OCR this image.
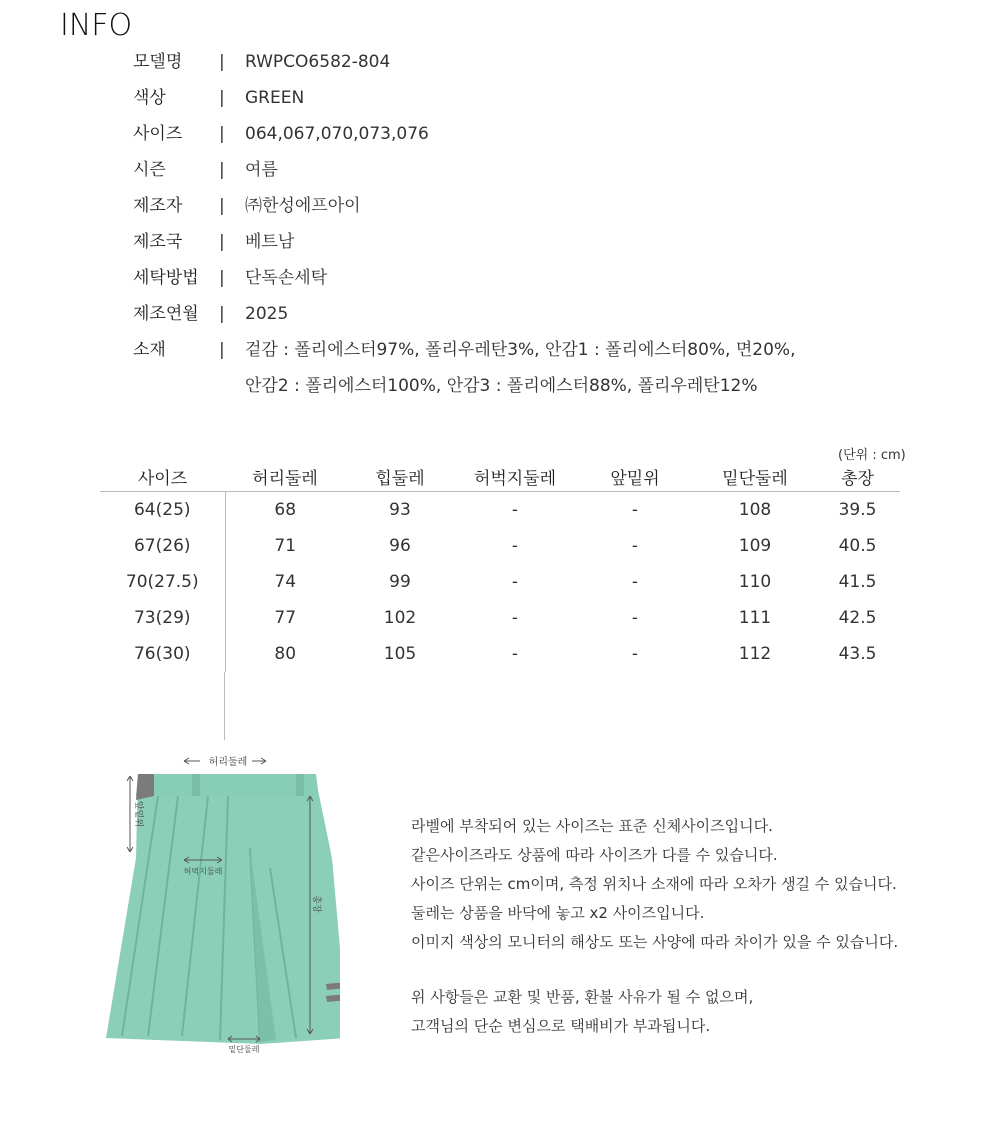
INFO
모델명 | RWPCO6582-804
색상	| GREEN
사이즈 | 064,067,070,073,076
시즌	| 여름
제조자 | ㈜한성에프아이
제조국 | 베트남
세탁방법 | 단독손세탁
제조연월 | 2025
소재	| 겉감 : 폴리에스터97%, 폴리우레탄3%, 안감1 : 폴리에스터80%, 면20%,
안감2 : 폴리에스터100%, 안감3 : 폴리에스터88%, 폴리우레탄12%
(단위 : cm)
사이즈	허리둘레	힙둘레	허벅지둘레	앞밑위	밑단둘레	총장
64(25)	68	93	-	-	108	39.5
67(26)	71	96	-	-	109	40.5
70(27.5)	74	99	-	-	110	41.5
73(29)	77	102	-	-	111	42.5
76(30)	80	105	-	-	112	43.5
허리둘레
앞밑위
허벅지둘레
총장
밑단둘레
라벨에 부착되어 있는 사이즈는 표준 신체사이즈입니다.
같은사이즈라도 상품에 따라 사이즈가 다를 수 있습니다.
사이즈 단위는 cm이며, 측정 위치나 소재에 따라 오차가 생길 수 있습니다.
둘레는 상품을 바닥에 놓고 x2 사이즈입니다.
이미지 색상의 모니터의 해상도 또는 사양에 따라 차이가 있을 수 있습니다.
위 사항들은 교환 및 반품, 환불 사유가 될 수 없으며,
고객님의 단순 변심으로 택배비가 부과됩니다.
